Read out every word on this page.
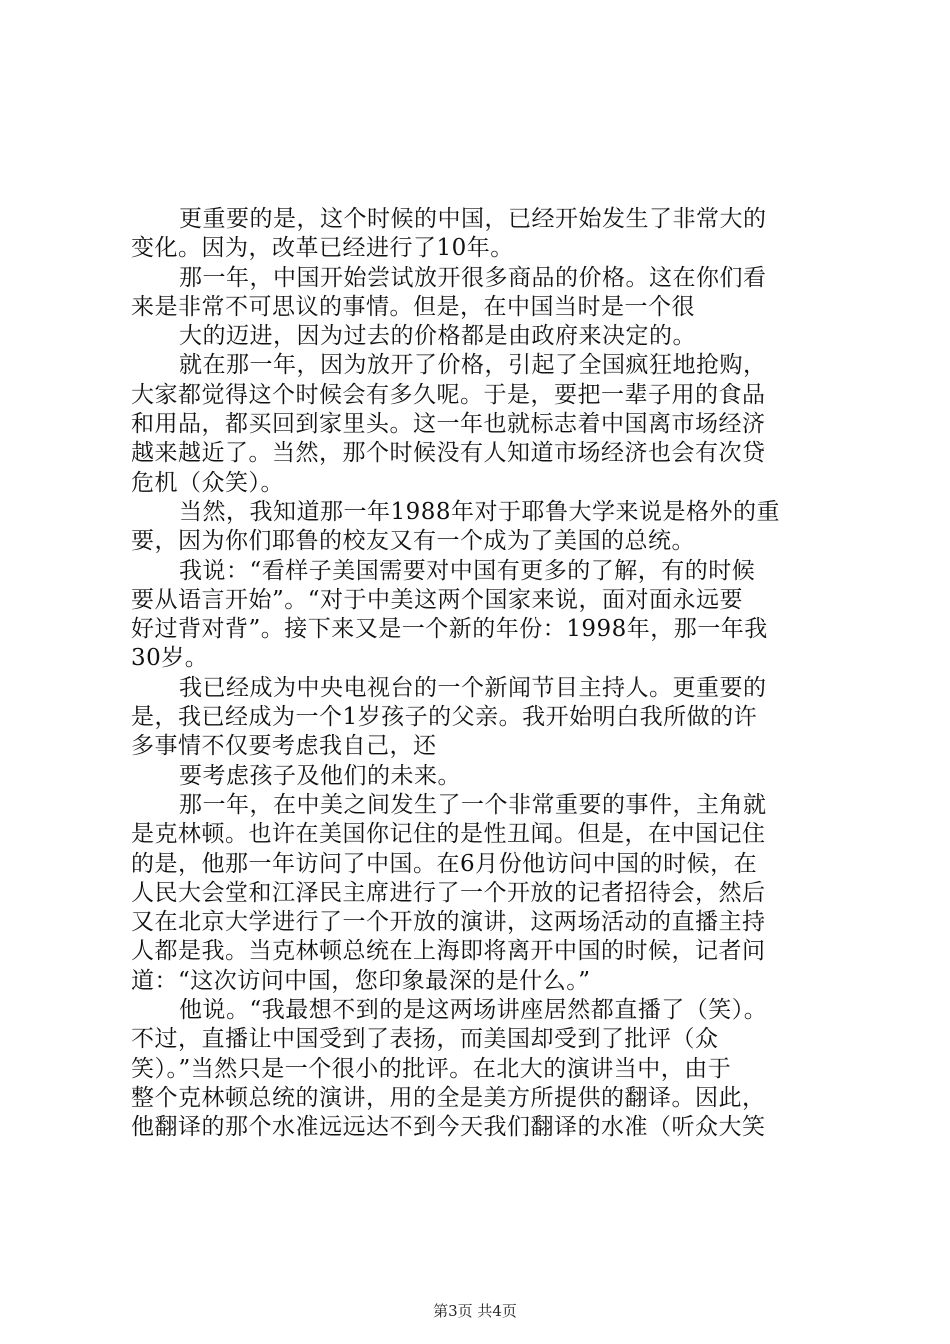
更重要的是，这个时候的中国，已经开始发生了非常大的
变化。因为，改革已经进行了10年。
那一年，中国开始尝试放开很多商品的价格。这在你们看
来是非常不可思议的事情。但是，在中国当时是一个很
大的迈进，因为过去的价格都是由政府来决定的。
就在那一年，因为放开了价格，引起了全国疯狂地抢购，
大家都觉得这个时候会有多久呢。于是，要把一辈子用的食品
和用品，都买回到家里头。这一年也就标志着中国离市场经济
越来越近了。当然，那个时候没有人知道市场经济也会有次贷
危机（众笑）。
当然，我知道那一年1988年对于耶鲁大学来说是格外的重
要，因为你们耶鲁的校友又有一个成为了美国的总统。
我说：“看样子美国需要对中国有更多的了解，有的时候
要从语言开始”。“对于中美这两个国家来说，面对面永远要
好过背对背”。接下来又是一个新的年份：1998年，那一年我
30岁。
我已经成为中央电视台的一个新闻节目主持人。更重要的
是，我已经成为一个1岁孩子的父亲。我开始明白我所做的许
多事情不仅要考虑我自己，还
要考虑孩子及他们的未来。
那一年，在中美之间发生了一个非常重要的事件，主角就
是克林顿。也许在美国你记住的是性丑闻。但是，在中国记住
的是，他那一年访问了中国。在6月份他访问中国的时候，在
人民大会堂和江泽民主席进行了一个开放的记者招待会，然后
又在北京大学进行了一个开放的演讲，这两场活动的直播主持
人都是我。当克林顿总统在上海即将离开中国的时候，记者问
道：“这次访问中国，您印象最深的是什么。”
他说。“我最想不到的是这两场讲座居然都直播了（笑）。
不过，直播让中国受到了表扬，而美国却受到了批评（众
笑）。”当然只是一个很小的批评。在北大的演讲当中，由于
整个克林顿总统的演讲，用的全是美方所提供的翻译。因此，
他翻译的那个水准远远达不到今天我们翻译的水准（听众大笑
第3页 共4页
